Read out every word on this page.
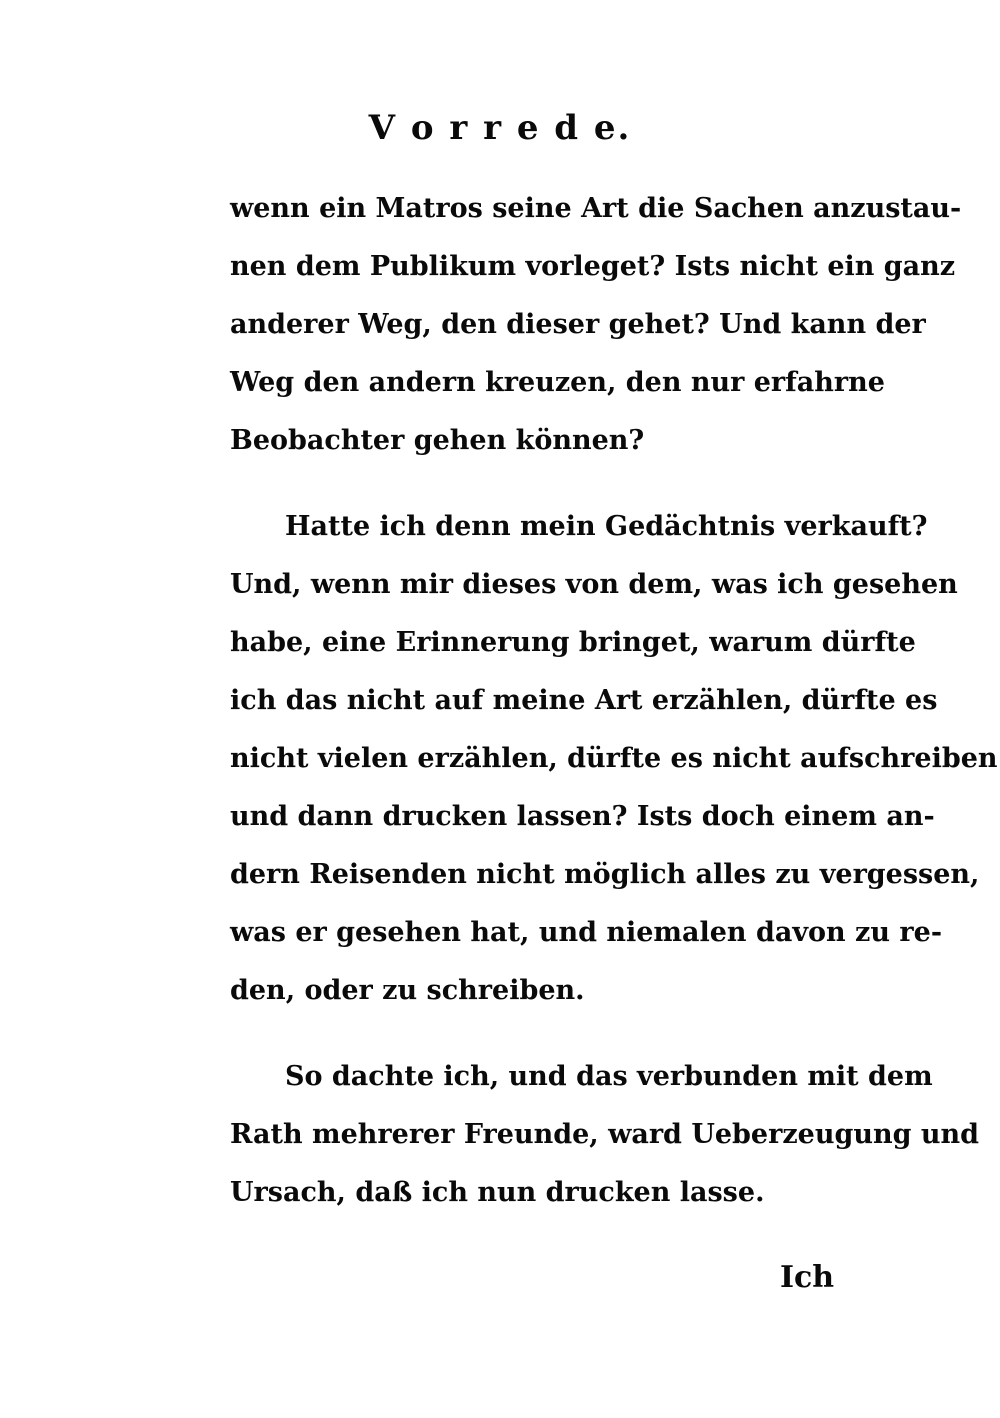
V o r r e d e.
wenn ein Matros seine Art die Sachen anzustau-
nen dem Publikum vorleget? Ists nicht ein ganz
anderer Weg, den dieser gehet? Und kann der
Weg den andern kreuzen, den nur erfahrne
Beobachter gehen können?
Hatte ich denn mein Gedächtnis verkauft?
Und, wenn mir dieses von dem, was ich gesehen
habe, eine Erinnerung bringet, warum dürfte
ich das nicht auf meine Art erzählen, dürfte es
nicht vielen erzählen, dürfte es nicht aufschreiben
und dann drucken lassen? Ists doch einem an-
dern Reisenden nicht möglich alles zu vergessen,
was er gesehen hat, und niemalen davon zu re-
den, oder zu schreiben.
So dachte ich, und das verbunden mit dem
Rath mehrerer Freunde, ward Ueberzeugung und
Ursach, daß ich nun drucken lasse.
Ich
